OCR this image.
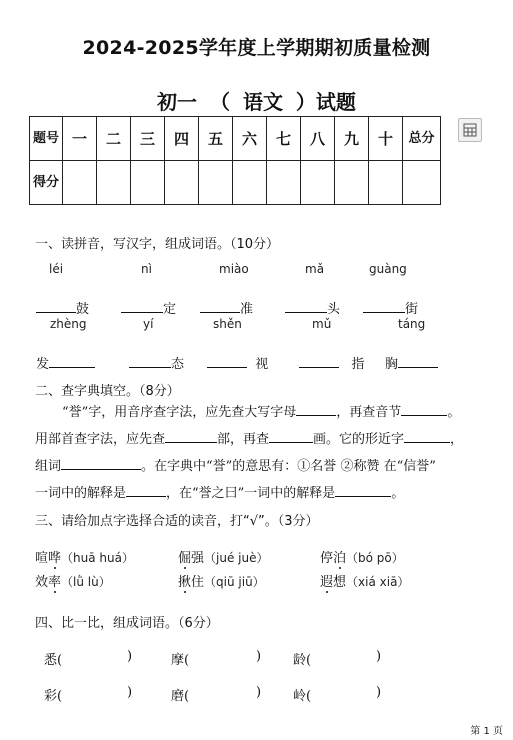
2024-2025学年度上学期期初质量检测
初一 （ 语文 ）试题
题号	一	二	三	四	五	六	七	八	九	十	总分
得分											
一、读拼音，写汉字，组成词语。（10分）
léi	nì	miào	mǎ	guàng
鼓	定	准	头	街
zhèng	yí	shěn	mǔ	táng
发	态	视	指 胸
二、查字典填空。（8分）
“誉”字，用音序查字法，应先查大写字母	，再查音节	。
用部首查字法，应先查	部，再查	画。它的形近字	，
组词	。在字典中“誉”的意思有：①名誉 ②称赞 在“信誉”
一词中的解释是	，在“誉之曰”一词中的解释是	。
三、请给加点字选择合适的读音，打“√”。（3分）
喧哗（huā huá）	倔强（jué juè）	停泊（bó pō）
效率（lǜ lù）	揪住（qiū jiū）	遐想（xiá xiā）
四、比一比，组成词语。（6分）
悉(	)	摩(	) 龄(	)
彩(	)	磨(	) 岭(	)
第 1 页
